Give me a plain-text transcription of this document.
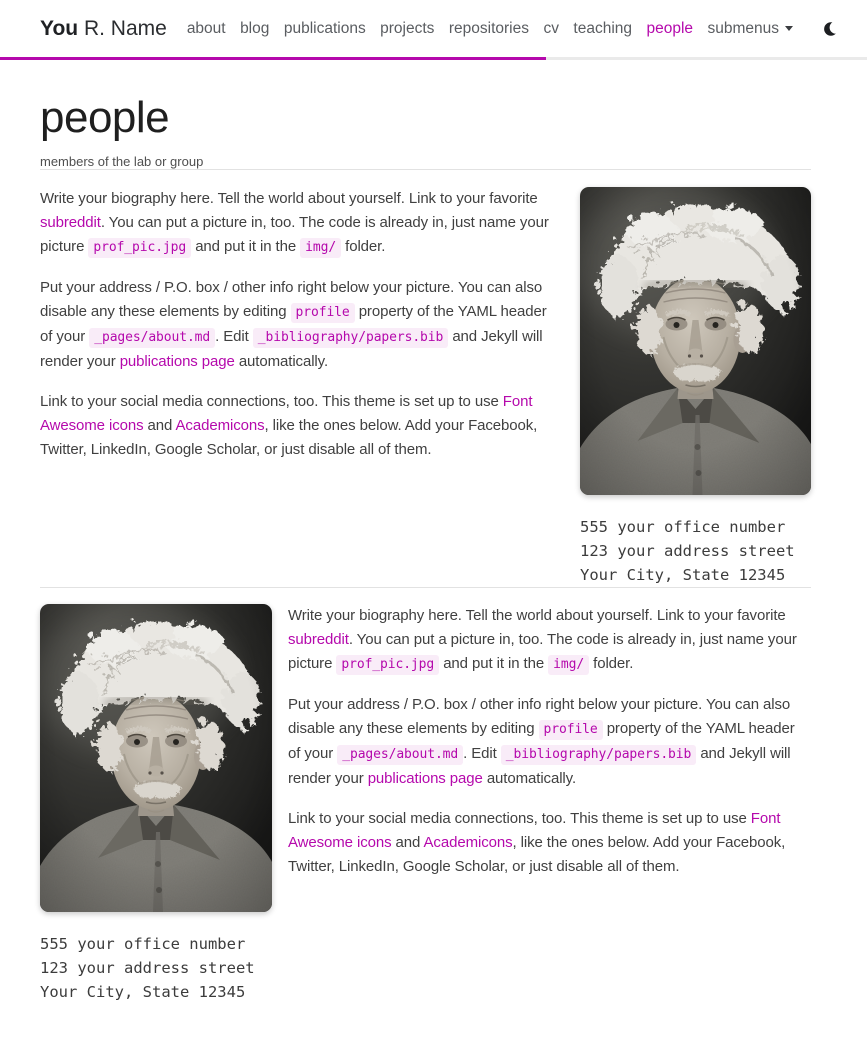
You R. Name	about blog publications projects repositories cv teaching people submenus
people

members of the lab or group

Write your biography here. Tell the world about yourself. Link to your favorite subreddit. You can put a picture in, too. The code is already in, just name your picture prof_pic.jpg and put it in the img/ folder.

Put your address / P.O. box / other info right below your picture. You can also disable any these elements by editing profile property of the YAML header of your _pages/about.md . Edit _bibliography/papers.bib and Jekyll will render your publications page automatically.

Link to your social media connections, too. This theme is set up to use Font Awesome icons and Academicons, like the ones below. Add your Facebook, Twitter, LinkedIn, Google Scholar, or just disable all of them.

555 your office number
123 your address street
Your City, State 12345
555 your office number
123 your address street
Your City, State 12345

Write your biography here. Tell the world about yourself. Link to your favorite subreddit. You can put a picture in, too. The code is already in, just name your picture prof_pic.jpg and put it in the img/ folder.

Put your address / P.O. box / other info right below your picture. You can also disable any these elements by editing profile property of the YAML header of your _pages/about.md . Edit _bibliography/papers.bib and Jekyll will render your publications page automatically.

Link to your social media connections, too. This theme is set up to use Font Awesome icons and Academicons, like the ones below. Add your Facebook, Twitter, LinkedIn, Google Scholar, or just disable all of them.
